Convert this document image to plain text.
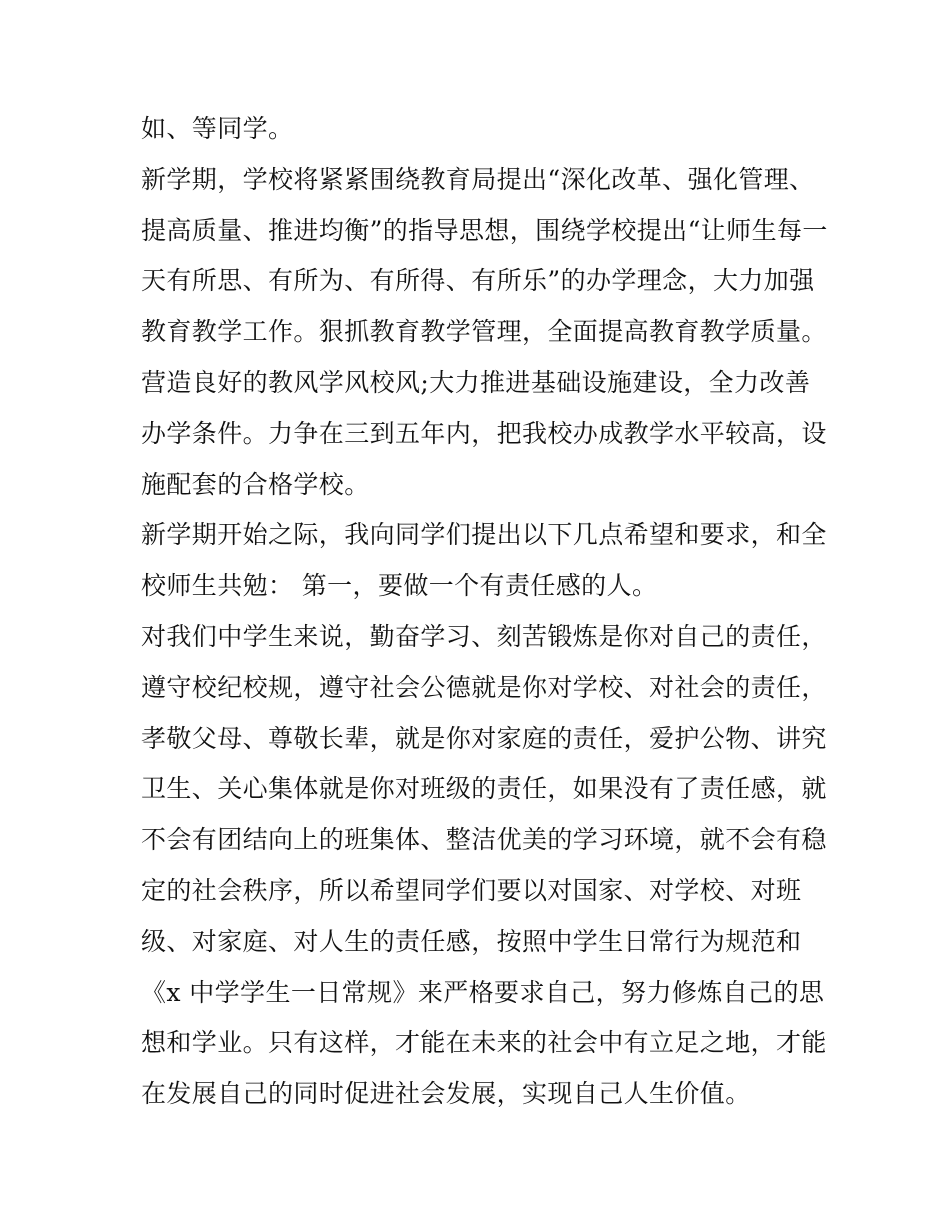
如、等同学。
新学期，学校将紧紧围绕教育局提出“深化改革、强化管理、
提高质量、推进均衡”的指导思想，围绕学校提出“让师生每一
天有所思、有所为、有所得、有所乐”的办学理念，大力加强
教育教学工作。狠抓教育教学管理，全面提高教育教学质量。
营造良好的教风学风校风;大力推进基础设施建设，全力改善
办学条件。力争在三到五年内，把我校办成教学水平较高，设
施配套的合格学校。
新学期开始之际，我向同学们提出以下几点希望和要求，和全
校师生共勉： 第一，要做一个有责任感的人。
对我们中学生来说，勤奋学习、刻苦锻炼是你对自己的责任，
遵守校纪校规，遵守社会公德就是你对学校、对社会的责任，
孝敬父母、尊敬长辈，就是你对家庭的责任，爱护公物、讲究
卫生、关心集体就是你对班级的责任，如果没有了责任感，就
不会有团结向上的班集体、整洁优美的学习环境，就不会有稳
定的社会秩序，所以希望同学们要以对国家、对学校、对班
级、对家庭、对人生的责任感，按照中学生日常行为规范和
《x 中学学生一日常规》来严格要求自己，努力修炼自己的思
想和学业。只有这样，才能在未来的社会中有立足之地，才能
在发展自己的同时促进社会发展，实现自己人生价值。
